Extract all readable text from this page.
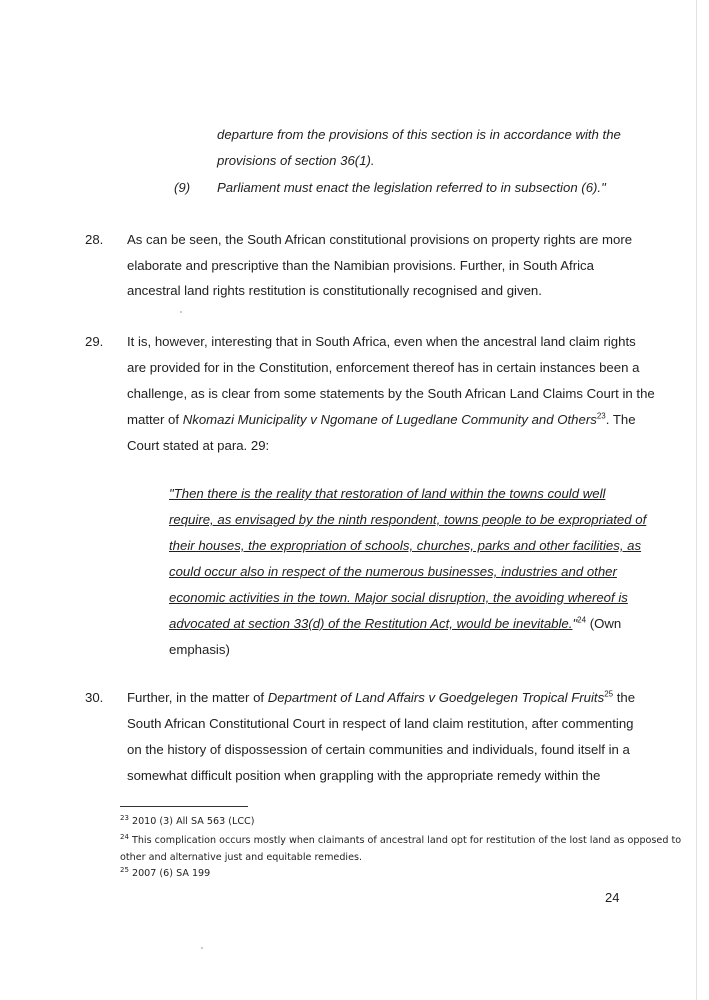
departure from the provisions of this section is in accordance with the
provisions of section 36(1).
(9) Parliament must enact the legislation referred to in subsection (6)."
28. As can be seen, the South African constitutional provisions on property rights are more
elaborate and prescriptive than the Namibian provisions. Further, in South Africa
ancestral land rights restitution is constitutionally recognised and given.
29. It is, however, interesting that in South Africa, even when the ancestral land claim rights
are provided for in the Constitution, enforcement thereof has in certain instances been a
challenge, as is clear from some statements by the South African Land Claims Court in the
matter of Nkomazi Municipality v Ngomane of Lugedlane Community and Others$^{23}$. The
Court stated at para. 29:
"Then there is the reality that restoration of land within the towns could well
require, as envisaged by the ninth respondent, towns people to be expropriated of
their houses, the expropriation of schools, churches, parks and other facilities, as
could occur also in respect of the numerous businesses, industries and other
economic activities in the town. Major social disruption, the avoiding whereof is
advocated at section 33(d) of the Restitution Act, would be inevitable."$^{24}$ (Own
emphasis)
30. Further, in the matter of Department of Land Affairs v Goedgelegen Tropical Fruits$^{25}$ the
South African Constitutional Court in respect of land claim restitution, after commenting
on the history of dispossession of certain communities and individuals, found itself in a
somewhat difficult position when grappling with the appropriate remedy within the
$^{23}$ 2010 (3) All SA 563 (LCC)
$^{24}$ This complication occurs mostly when claimants of ancestral land opt for restitution of the lost land as opposed to
other and alternative just and equitable remedies.
$^{25}$ 2007 (6) SA 199
24
